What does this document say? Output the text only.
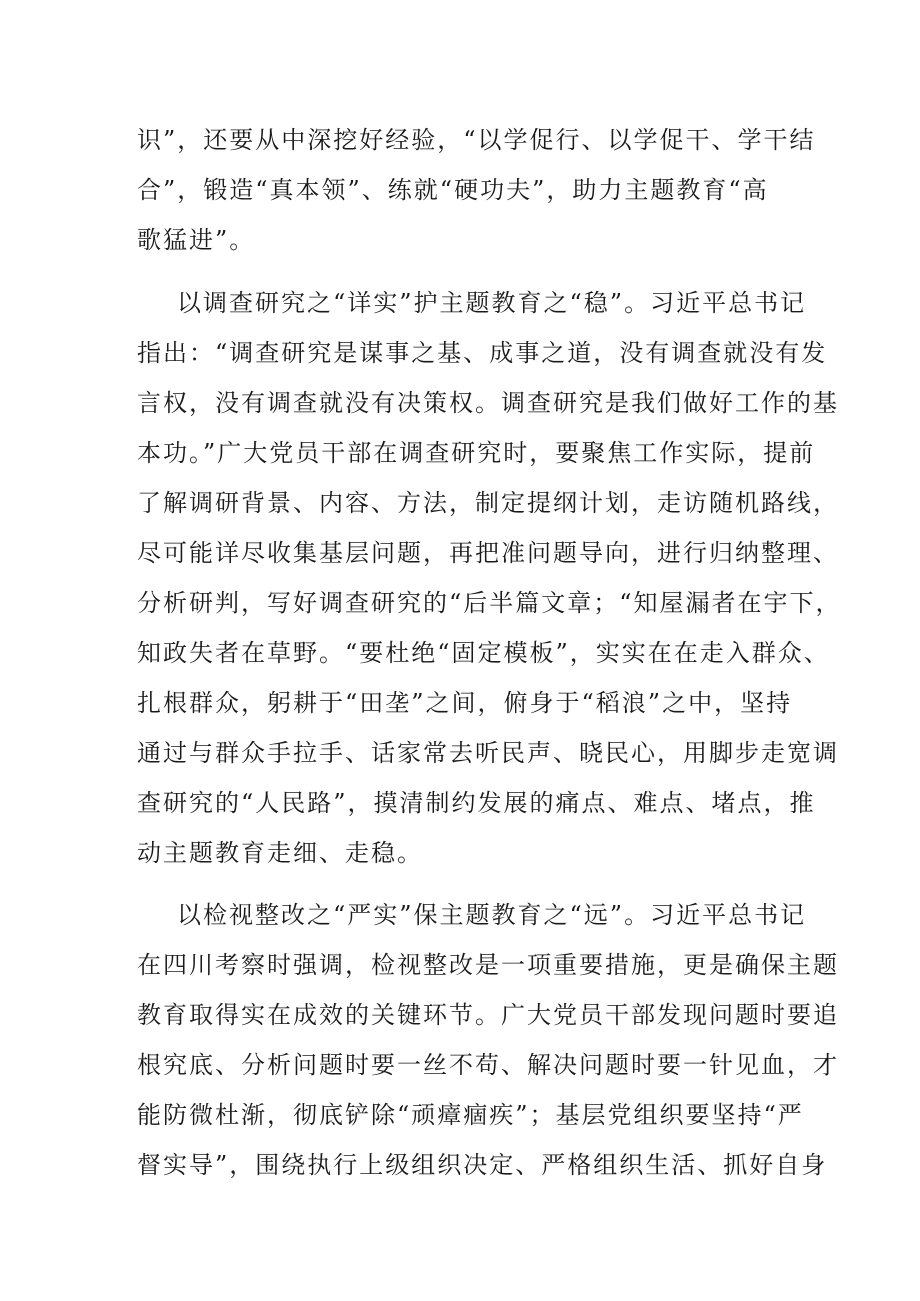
识”，还要从中深挖好经验，“以学促行、以学促干、学干结
合”，锻造“真本领”、练就“硬功夫”，助力主题教育“高
歌猛进”。
以调查研究之“详实”护主题教育之“稳”。习近平总书记
指出：“调查研究是谋事之基、成事之道，没有调查就没有发
言权，没有调查就没有决策权。调查研究是我们做好工作的基
本功。”广大党员干部在调查研究时，要聚焦工作实际，提前
了解调研背景、内容、方法，制定提纲计划，走访随机路线，
尽可能详尽收集基层问题，再把准问题导向，进行归纳整理、
分析研判，写好调查研究的“后半篇文章；“知屋漏者在宇下，
知政失者在草野。“要杜绝“固定模板”，实实在在走入群众、
扎根群众，躬耕于“田垄”之间，俯身于“稻浪”之中，坚持
通过与群众手拉手、话家常去听民声、晓民心，用脚步走宽调
查研究的“人民路”，摸清制约发展的痛点、难点、堵点，推
动主题教育走细、走稳。
以检视整改之“严实”保主题教育之“远”。习近平总书记
在四川考察时强调，检视整改是一项重要措施，更是确保主题
教育取得实在成效的关键环节。广大党员干部发现问题时要追
根究底、分析问题时要一丝不苟、解决问题时要一针见血，才
能防微杜渐，彻底铲除“顽瘴痼疾”；基层党组织要坚持“严
督实导”，围绕执行上级组织决定、严格组织生活、抓好自身
